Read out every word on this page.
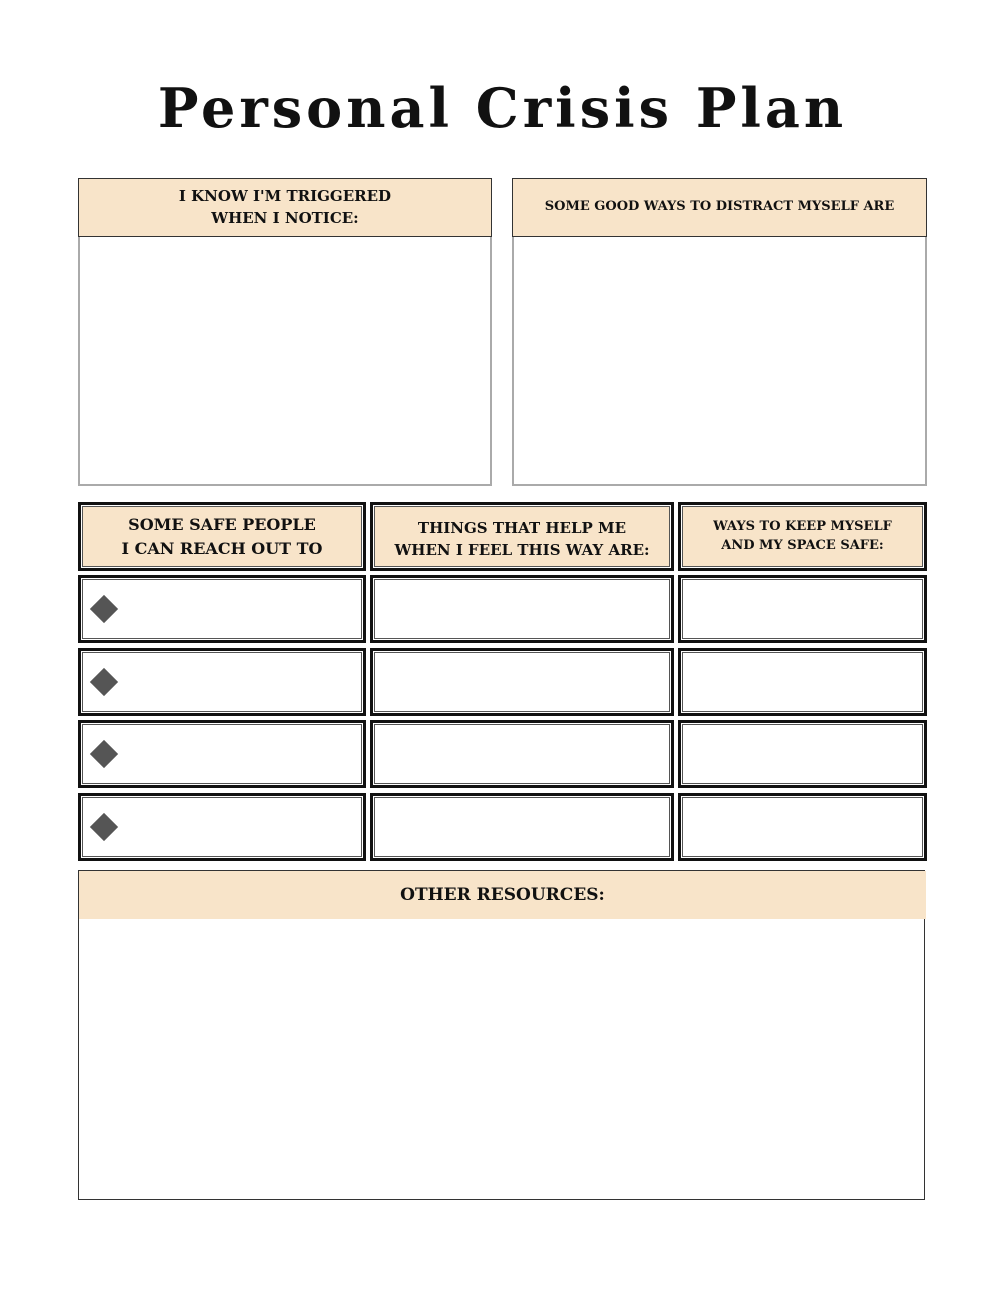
Personal Crisis Plan
I KNOW I'M TRIGGERED
WHEN I NOTICE:
SOME GOOD WAYS TO DISTRACT MYSELF ARE
SOME SAFE PEOPLE
I CAN REACH OUT TO
THINGS THAT HELP ME
WHEN I FEEL THIS WAY ARE:
WAYS TO KEEP MYSELF
AND MY SPACE SAFE:
OTHER RESOURCES:
